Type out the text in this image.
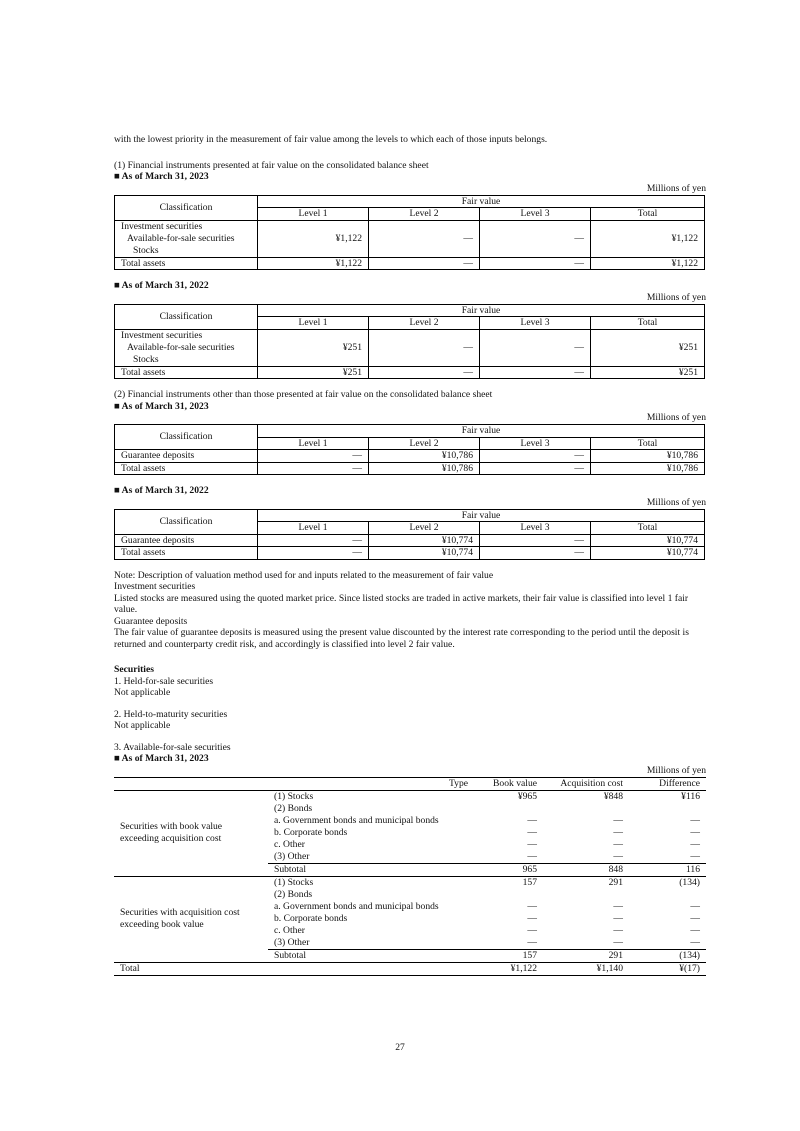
with the lowest priority in the measurement of fair value among the levels to which each of those inputs belongs.

(1) Financial instruments presented at fair value on the consolidated balance sheet

■ As of March 31, 2023

Millions of yen
Classification	Fair value			
	Level 1	Level 2	Level 3	Total

Investment securities
Available-for-sale securities
Stocks	¥1,122	—	—	¥1,122
Total assets	¥1,122	—	—	¥1,122

■ As of March 31, 2022

Millions of yen
Classification	Fair value			
	Level 1	Level 2	Level 3	Total

Investment securities
Available-for-sale securities
Stocks	¥251	—	—	¥251
Total assets	¥251	—	—	¥251

(2) Financial instruments other than those presented at fair value on the consolidated balance sheet

■ As of March 31, 2023

Millions of yen
Classification	Fair value			
	Level 1	Level 2	Level 3	Total
Guarantee deposits	—	¥10,786	—	¥10,786
Total assets	—	¥10,786	—	¥10,786

■ As of March 31, 2022

Millions of yen
Classification	Fair value			
	Level 1	Level 2	Level 3	Total
Guarantee deposits	—	¥10,774	—	¥10,774
Total assets	—	¥10,774	—	¥10,774

Note: Description of valuation method used for and inputs related to the measurement of fair value

Investment securities

Listed stocks are measured using the quoted market price. Since listed stocks are traded in active markets, their fair value is classified into level 1 fair value.

Guarantee deposits

The fair value of guarantee deposits is measured using the present value discounted by the interest rate corresponding to the period until the deposit is returned and counterparty credit risk, and accordingly is classified into level 2 fair value.

Securities

1. Held-for-sale securities

Not applicable

2. Held-to-maturity securities

Not applicable

3. Available-for-sale securities

■ As of March 31, 2023

Millions of yen
	Type	Book value	Acquisition cost	Difference
Securities with book value exceeding acquisition cost	(1) Stocks	¥965	¥848	¥116
	(2) Bonds			
	a. Government bonds and municipal bonds	—	—	—
	b. Corporate bonds	—	—	—
	c. Other	—	—	—
	(3) Other	—	—	—
	Subtotal	965	848	116
Securities with acquisition cost exceeding book value	(1) Stocks	157	291	(134)
	(2) Bonds			
	a. Government bonds and municipal bonds	—	—	—
	b. Corporate bonds	—	—	—
	c. Other	—	—	—
	(3) Other	—	—	—
	Subtotal	157	291	(134)
Total		¥1,122	¥1,140	¥(17)
27
